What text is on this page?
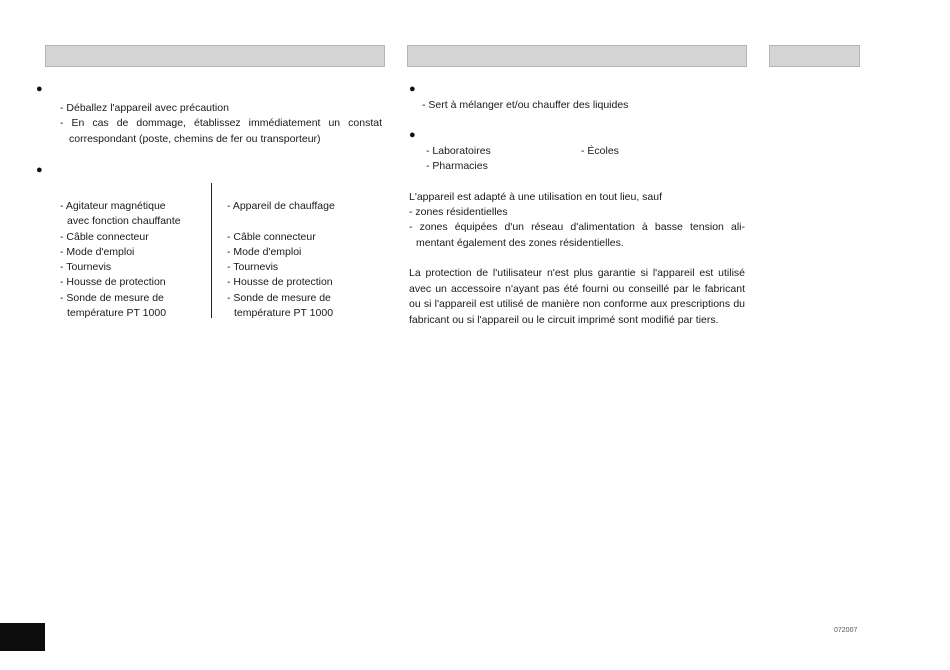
●
- Déballez l'appareil avec précaution
- En cas de dommage, établissez immédiatement un constat
correspondant (poste, chemins de fer ou transporteur)
●
- Agitateur magnétique
avec fonction chauffante
- Câble connecteur
- Mode d'emploi
- Tournevis
- Housse de protection
- Sonde de mesure de
température PT 1000
- Appareil de chauffage
- Câble connecteur
- Mode d'emploi
- Tournevis
- Housse de protection
- Sonde de mesure de
température PT 1000
●
- Sert à mélanger et/ou chauffer des liquides
●
- Laboratoires	- Écoles
- Pharmacies
L'appareil est adapté à une utilisation en tout lieu, sauf
- zones résidentielles
- zones équipées d'un réseau d'alimentation à basse tension ali-
mentant également des zones résidentielles.
La protection de l'utilisateur n'est plus garantie si l'appareil est utilisé avec un accessoire n'ayant pas été fourni ou conseillé par le fabricant ou si l'appareil est utilisé de manière non conforme aux prescriptions du fabricant ou si l'appareil ou le circuit imprimé sont modifié par tiers.
072007
